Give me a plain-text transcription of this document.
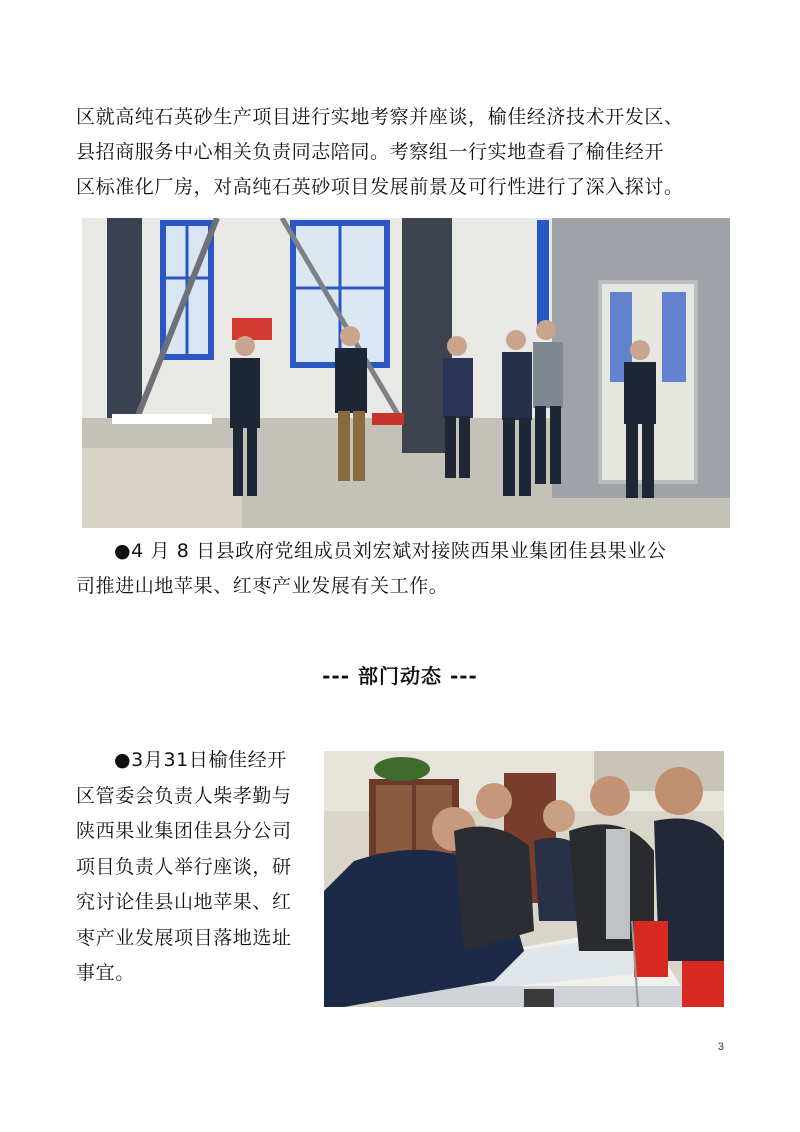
区就高纯石英砂生产项目进行实地考察并座谈，榆佳经济技术开发区、
县招商服务中心相关负责同志陪同。考察组一行实地查看了榆佳经开
区标准化厂房，对高纯石英砂项目发展前景及可行性进行了深入探讨。
●4 月 8 日县政府党组成员刘宏斌对接陕西果业集团佳县果业公
司推进山地苹果、红枣产业发展有关工作。
--- 部门动态 ---
●3月31日榆佳经开
区管委会负责人柴孝勤与
陕西果业集团佳县分公司
项目负责人举行座谈，研
究讨论佳县山地苹果、红
枣产业发展项目落地选址
事宜。
3
